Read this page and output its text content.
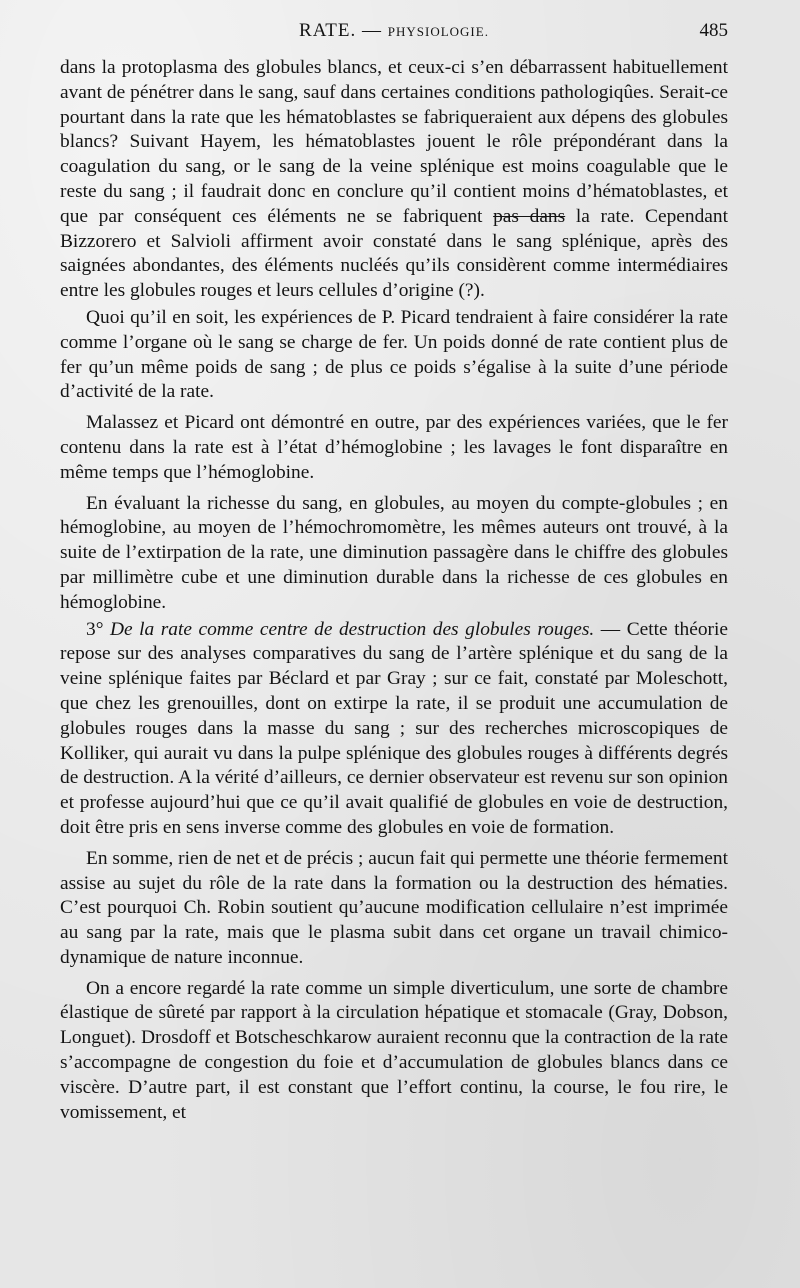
RATE. — PHYSIOLOGIE.	485

dans la protoplasma des globules blancs, et ceux-ci s’en débarrassent habituellement avant de pénétrer dans le sang, sauf dans certaines conditions pathologiqûes. Serait-ce pourtant dans la rate que les hématoblastes se fabriqueraient aux dépens des globules blancs? Suivant Hayem, les hématoblastes jouent le rôle prépondérant dans la coagulation du sang, or le sang de la veine splénique est moins coagulable que le reste du sang ; il faudrait donc en conclure qu’il contient moins d’hématoblastes, et que par conséquent ces éléments ne se fabriquent pas dans la rate. Cependant Bizzorero et Salvioli affirment avoir constaté dans le sang splénique, après des saignées abondantes, des éléments nucléés qu’ils considèrent comme intermédiaires entre les globules rouges et leurs cellules d’origine (?).

Quoi qu’il en soit, les expériences de P. Picard tendraient à faire considérer la rate comme l’organe où le sang se charge de fer. Un poids donné de rate contient plus de fer qu’un même poids de sang ; de plus ce poids s’égalise à la suite d’une période d’activité de la rate.

Malassez et Picard ont démontré en outre, par des expériences variées, que le fer contenu dans la rate est à l’état d’hémoglobine ; les lavages le font disparaître en même temps que l’hémoglobine.

En évaluant la richesse du sang, en globules, au moyen du compte-globules ; en hémoglobine, au moyen de l’hémochromomètre, les mêmes auteurs ont trouvé, à la suite de l’extirpation de la rate, une diminution passagère dans le chiffre des globules par millimètre cube et une diminution durable dans la richesse de ces globules en hémoglobine.

3° De la rate comme centre de destruction des globules rouges. — Cette théorie repose sur des analyses comparatives du sang de l’artère splénique et du sang de la veine splénique faites par Béclard et par Gray ; sur ce fait, constaté par Moleschott, que chez les grenouilles, dont on extirpe la rate, il se produit une accumulation de globules rouges dans la masse du sang ; sur des recherches microscopiques de Kolliker, qui aurait vu dans la pulpe splénique des globules rouges à différents degrés de destruction. A la vérité d’ailleurs, ce dernier observateur est revenu sur son opinion et professe aujourd’hui que ce qu’il avait qualifié de globules en voie de destruction, doit être pris en sens inverse comme des globules en voie de formation.

En somme, rien de net et de précis ; aucun fait qui permette une théorie fermement assise au sujet du rôle de la rate dans la formation ou la destruction des hématies. C’est pourquoi Ch. Robin soutient qu’aucune modification cellulaire n’est imprimée au sang par la rate, mais que le plasma subit dans cet organe un travail chimico-dynamique de nature inconnue.

On a encore regardé la rate comme un simple diverticulum, une sorte de chambre élastique de sûreté par rapport à la circulation hépatique et stomacale (Gray, Dobson, Longuet). Drosdoff et Botscheschkarow auraient reconnu que la contraction de la rate s’accompagne de congestion du foie et d’accumulation de globules blancs dans ce viscère. D’autre part, il est constant que l’effort continu, la course, le fou rire, le vomissement, et
